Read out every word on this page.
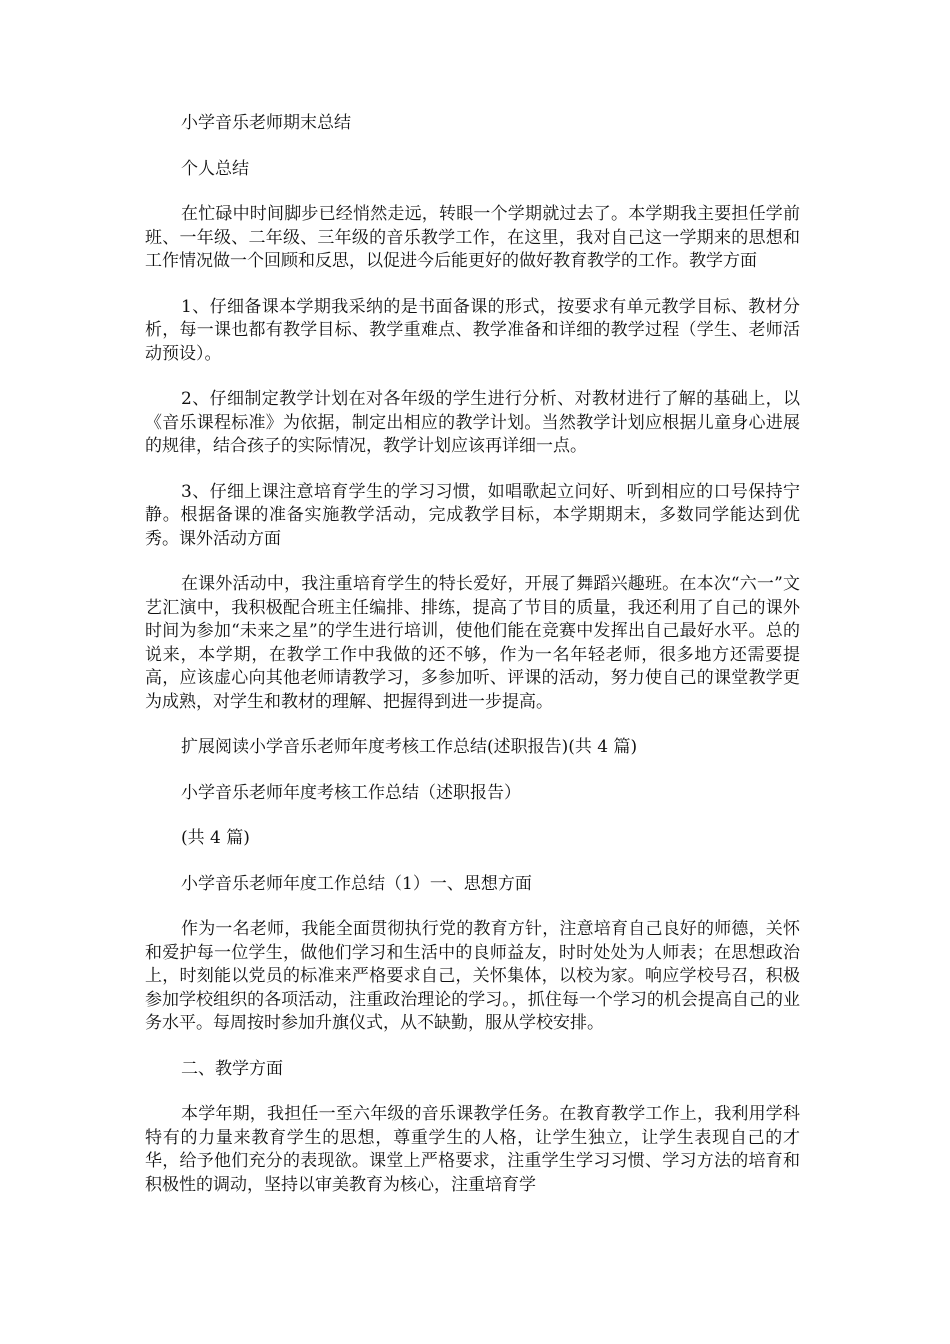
小学音乐老师期末总结

个人总结

在忙碌中时间脚步已经悄然走远，转眼一个学期就过去了。本学期我主要担任学前班、一年级、二年级、三年级的音乐教学工作，在这里，我对自己这一学期来的思想和工作情况做一个回顾和反思，以促进今后能更好的做好教育教学的工作。教学方面

1、仔细备课本学期我采纳的是书面备课的形式，按要求有单元教学目标、教材分析，每一课也都有教学目标、教学重难点、教学准备和详细的教学过程（学生、老师活动预设）。

2、仔细制定教学计划在对各年级的学生进行分析、对教材进行了解的基础上，以《音乐课程标准》为依据，制定出相应的教学计划。当然教学计划应根据儿童身心进展的规律，结合孩子的实际情况，教学计划应该再详细一点。

3、仔细上课注意培育学生的学习习惯，如唱歌起立问好、听到相应的口号保持宁静。根据备课的准备实施教学活动，完成教学目标，本学期期末，多数同学能达到优秀。课外活动方面

在课外活动中，我注重培育学生的特长爱好，开展了舞蹈兴趣班。在本次“六一”文艺汇演中，我积极配合班主任编排、排练，提高了节目的质量，我还利用了自己的课外时间为参加“未来之星”的学生进行培训，使他们能在竞赛中发挥出自己最好水平。总的说来，本学期，在教学工作中我做的还不够，作为一名年轻老师，很多地方还需要提高，应该虚心向其他老师请教学习，多参加听、评课的活动，努力使自己的课堂教学更为成熟，对学生和教材的理解、把握得到进一步提高。

扩展阅读小学音乐老师年度考核工作总结(述职报告)(共 4 篇)

小学音乐老师年度考核工作总结（述职报告）

(共 4 篇)

小学音乐老师年度工作总结（1）一、思想方面

作为一名老师，我能全面贯彻执行党的教育方针，注意培育自己良好的师德，关怀和爱护每一位学生，做他们学习和生活中的良师益友，时时处处为人师表；在思想政治上，时刻能以党员的标准来严格要求自己，关怀集体，以校为家。响应学校号召，积极参加学校组织的各项活动，注重政治理论的学习。，抓住每一个学习的机会提高自己的业务水平。每周按时参加升旗仪式，从不缺勤，服从学校安排。

二、教学方面

本学年期，我担任一至六年级的音乐课教学任务。在教育教学工作上，我利用学科特有的力量来教育学生的思想，尊重学生的人格，让学生独立，让学生表现自己的才华，给予他们充分的表现欲。课堂上严格要求，注重学生学习习惯、学习方法的培育和积极性的调动，坚持以审美教育为核心，注重培育学
